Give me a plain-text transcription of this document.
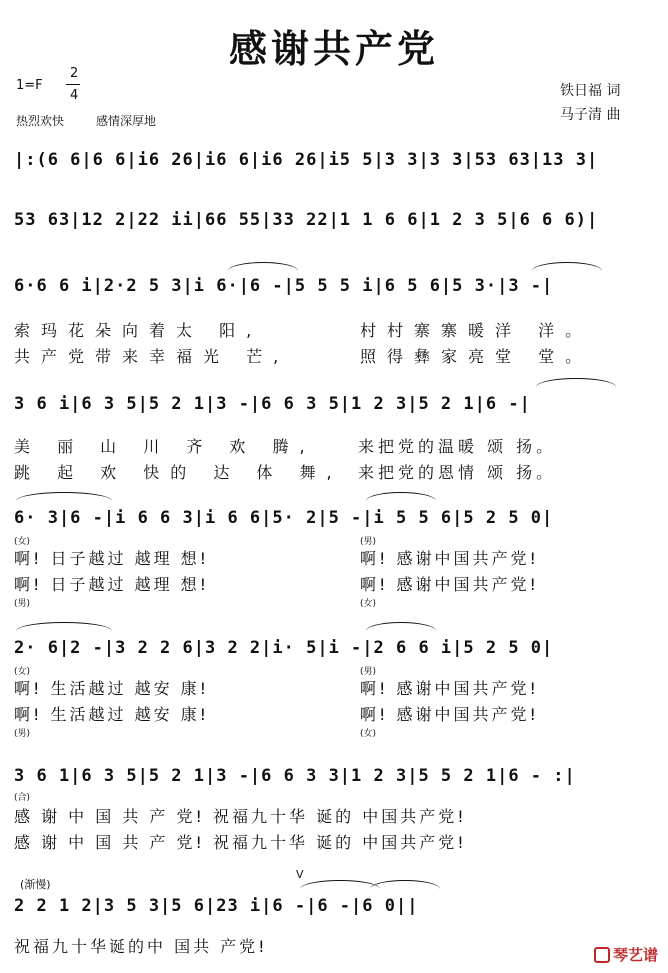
感谢共产党
1=F
2
4
热烈欢快	感情深厚地
铁日福 词
马子清 曲
|:(6 6|6 6|i6 26|i6 6|i6 26|i5 5|3 3|3 3|53 63|13 3|
53 63|12 2|22 ii|66 55|33 22|1 1 6 6|1 2 3 5|6 6 6)|
6·6 6 i|2·2 5 3|i 6·|6 -|5 5 5 i|6 5 6|5 3·|3 -|
索玛花朵向着太 阳,
共产党带来幸福光 芒,
村村寨寨暖洋 洋。
照得彝家亮堂 堂。
3 6 i|6 3 5|5 2 1|3 -|6 6 3 5|1 2 3|5 2 1|6 -|
美 丽 山 川 齐 欢 腾,
跳 起 欢 快的 达 体 舞,
来把党的温暖 颂 扬。
来把党的恩情 颂 扬。
6· 3|6 -|i 6 6 3|i 6 6|5· 2|5 -|i 5 5 6|5 2 5 0|
(女)	(男)
啊! 日子越过 越理 想!
啊! 日子越过 越理 想!
啊! 感谢中国共产党!
啊! 感谢中国共产党!
(男)	(女)
2· 6|2 -|3 2 2 6|3 2 2|i· 5|i -|2 6 6 i|5 2 5 0|
(女)	(男)
啊! 生活越过 越安 康!
啊! 生活越过 越安 康!
啊! 感谢中国共产党!
啊! 感谢中国共产党!
(男)	(女)
3 6 1|6 3 5|5 2 1|3 -|6 6 3 3|1 2 3|5 5 2 1|6 - :|
(合)
感 谢 中 国 共 产 党! 祝福九十华 诞的 中国共产党!
感 谢 中 国 共 产 党! 祝福九十华 诞的 中国共产党!
(渐慢)
V
2 2 1 2|3 5 3|5 6|23 i|6 -|6 -|6 0||
祝福九十华诞的中 国共 产党!	琴艺谱
